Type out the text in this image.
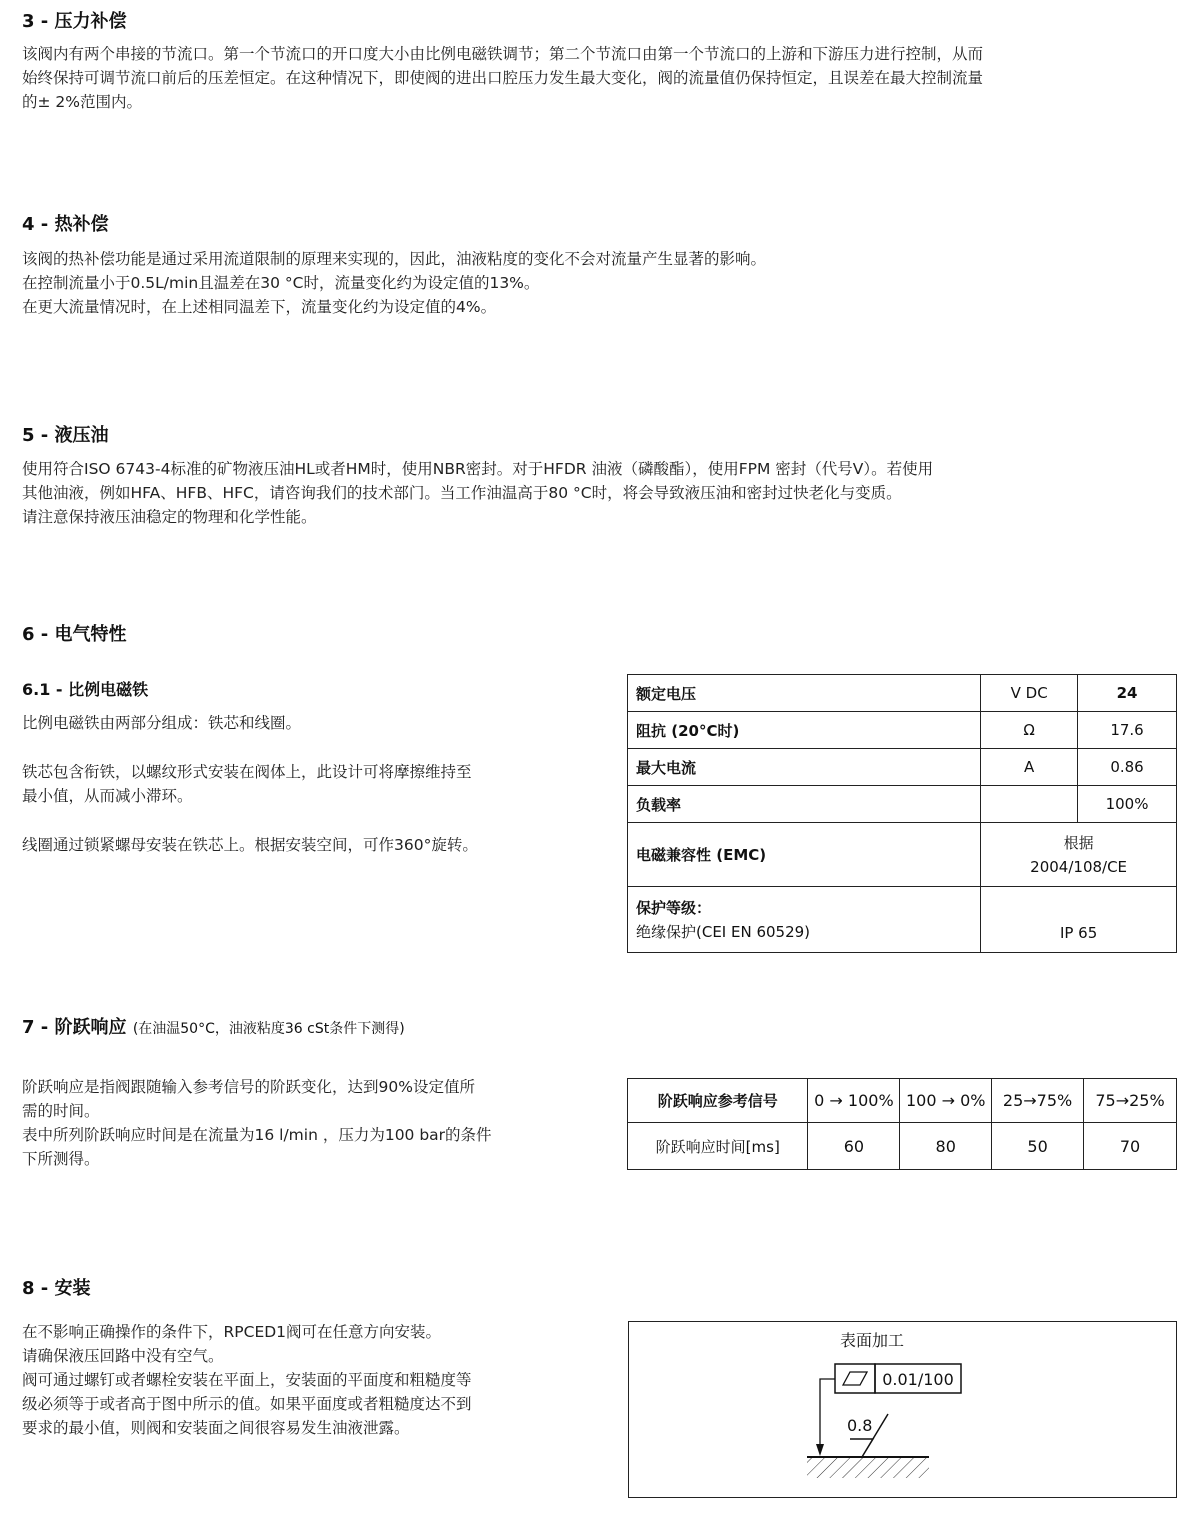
3 - 压力补偿
该阀内有两个串接的节流口。第一个节流口的开口度大小由比例电磁铁调节；第二个节流口由第一个节流口的上游和下游压力进行控制，从而
始终保持可调节流口前后的压差恒定。在这种情况下，即使阀的进出口腔压力发生最大变化，阀的流量值仍保持恒定，且误差在最大控制流量
的± 2%范围内。
4 - 热补偿
该阀的热补偿功能是通过采用流道限制的原理来实现的，因此，油液粘度的变化不会对流量产生显著的影响。
在控制流量小于0.5L/min且温差在30 °C时，流量变化约为设定值的13%。
在更大流量情况时，在上述相同温差下，流量变化约为设定值的4%。
5 - 液压油
使用符合ISO 6743-4标准的矿物液压油HL或者HM时，使用NBR密封。对于HFDR 油液（磷酸酯），使用FPM 密封（代号V）。若使用
其他油液，例如HFA、HFB、HFC，请咨询我们的技术部门。当工作油温高于80 °C时，将会导致液压油和密封过快老化与变质。
请注意保持液压油稳定的物理和化学性能。
6 - 电气特性
6.1 - 比例电磁铁
比例电磁铁由两部分组成：铁芯和线圈。
铁芯包含衔铁，以螺纹形式安装在阀体上，此设计可将摩擦维持至
最小值，从而减小滞环。
线圈通过锁紧螺母安装在铁芯上。根据安装空间，可作360°旋转。
额定电压	V DC	24
阻抗 (20°C时)	Ω	17.6
最大电流	A	0.86
负载率		100%
电磁兼容性 (EMC)	根据
2004/108/CE	

保护等级：
绝缘保护(CEI EN 60529)	IP 65	
7 - 阶跃响应 (在油温50°C，油液粘度36 cSt条件下测得)
阶跃响应是指阀跟随输入参考信号的阶跃变化，达到90%设定值所
需的时间。
表中所列阶跃响应时间是在流量为16 l/min ，压力为100 bar的条件
下所测得。
阶跃响应参考信号	0 → 100%	100 → 0%	25→75%	75→25%
阶跃响应时间[ms]	60	80	50	70
8 - 安装
在不影响正确操作的条件下，RPCED1阀可在任意方向安装。
请确保液压回路中没有空气。
阀可通过螺钉或者螺栓安装在平面上，安装面的平面度和粗糙度等
级必须等于或者高于图中所示的值。如果平面度或者粗糙度达不到
要求的最小值，则阀和安装面之间很容易发生油液泄露。
表面加工
0.01/100
0.8
